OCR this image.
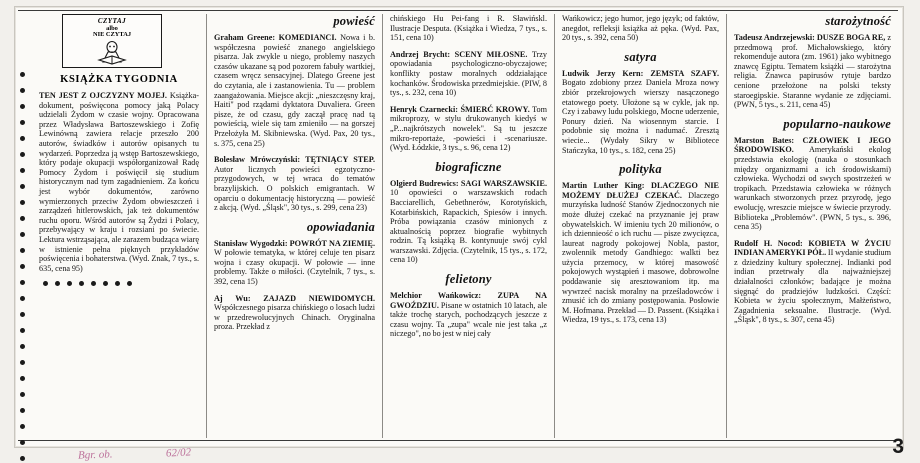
CZYTAJ
albo
NIE CZYTAJ
KSIĄŻKA TYGODNIA
TEN JEST Z OJCZYZNY MOJEJ. Książka-dokument, poświęcona pomocy jaką Polacy udzielali Żydom w czasie wojny. Opracowana przez Władysława Bartoszewskiego i Zofię Lewinówną zawiera relacje przeszło 200 autorów, świadków i autorów opisanych tu wydarzeń. Poprzedza ją wstęp Bartoszewskiego, który podaje okupacji współorganizował Radę Pomocy Żydom i poświęcił się studium historycznym nad tym zagadnieniem. Za końcu jest wybór dokumentów, zarówno wymierzonych przeciw Żydom obwieszczeń i zarządzeń hitlerowskich, jak też dokumentów ruchu oporu. Wśród autorów są Żydzi i Polacy, przebywający w kraju i rozsiani po świecie. Lektura wstrząsająca, ale zarazem budząca wiarę w istnienie pełna pięknych przykładów poświęcenia i bohaterstwa. (Wyd. Znak, 7 tys., s. 635, cena 95)
powieść
Graham Greene: KOMEDIANCI. Nowa i b. współczesna powieść znanego angielskiego pisarza. Jak zwykle u niego, problemy naszych czasów ukazane są pod pozorem fabuły wartkiej, czasem wręcz sensacyjnej. Dlatego Greene jest do czytania, ale i zastanowienia. Tu — problem zaangażowania. Miejsce akcji: „nieszczęsny kraj, Haiti" pod rządami dyktatora Duvaliera. Green pisze, że od czasu, gdy zaczął pracę nad tą powieścią, wiele się tam zmieniło — na gorszej Przełożyła M. Skibniewska. (Wyd. Pax, 20 tys., s. 375, cena 25)
Bolesław Mrówczyński: TĘTNIĄCY STEP. Autor licznych powieści egzotyczno-przygodowych, w tej wraca do tematów brazylijskich. O polskich emigrantach. W oparciu o dokumentację historyczną — powieść z akcją. (Wyd. „Śląsk", 30 tys., s. 299, cena 23)
opowiadania
Stanisław Wygodzki: POWRÓT NA ZIEMIĘ. W połowie tematyka, w której celuje ten pisarz wojna i czasy okupacji. W połowie — inne problemy. Także o miłości. (Czytelnik, 7 tys., s. 392, cena 15)
Aj Wu: ZAJAZD NIEWIDOMYCH. Współczesnego pisarza chińskiego o losach ludzi w przedrewolucyjnych Chinach. Oryginalna proza. Przekład z
chińskiego Hu Pei-fang i R. Sławińskl. Ilustracje Desputa. (Książka i Wiedza, 7 tys., s. 151, cena 10)
Andrzej Brycht: SCENY MIŁOSNE. Trzy opowiadania psychologiczno-obyczajowe; konflikty postaw moralnych oddziałające kochanków. Środowiska przedmiejskie. (PIW, 8 tys., s. 232, cena 10)
Henryk Czarnecki: ŚMIERĆ KROWY. Tom mikroprozy, w stylu drukowanych kiedyś w „P...najkrótszych nowelek". Są tu jeszcze mikro-reportaże, -powieści i -scenariusze. (Wyd. Łódzkie, 3 tys., s. 96, cena 12)
biograficzne
Olgierd Budrewics: SAGI WARSZAWSKIE. 10 opowieści o warszawskich rodach Bacciarellich, Gebethnerów, Korotyńskich, Kotarbińskich, Rapackich, Spiesów i innych. Próba powiązania czasów minionych z aktualnością poprzez biografie wybitnych rodzin. Tą książką B. kontynuuje swój cykl warszawski. Zdjęcia. (Czytelnik, 15 tys., s. 172, cena 10)
felietony
Melchior Wańkowicz: ZUPA NA GWOŹDZIU. Pisane w ostatnich 10 latach, ale także trochę starych, pochodzących jeszcze z czasu wojny. Ta „zupa" wcale nie jest taka „z niczego", no bo jest w niej cały
Wańkowicz; jego humor, jego język; od faktów, anegdot, refleksji książka aż pęka. (Wyd. Pax, 20 tys., s. 392, cena 50)
satyra
Ludwik Jerzy Kern: ZEMSTA SZAFY. Bogato zdobiony przez Daniela Mroza nowy zbiór przekrojowych wierszy nasączonego etatowego poety. Ułożone są w cykle, jak np. Czy i zabawy ludu polskiego, Mocne uderzenie, Ponury dzień. Na wiosennym starcie. I podobnie się można i nadumać. Zresztą wiecie... (Wydały Sikry w Bibliotece Stańczyka, 10 tys., s. 182, cena 25)
polityka
Martin Luther King: DLACZEGO NIE MOŻEMY DŁUŻEJ CZEKAĆ. Dlaczego murzyńska ludność Stanów Zjednoczonych nie może dłużej czekać na przyznanie jej praw obywatelskich. W imieniu tych 20 milionów, o ich dziennieość o ich ruchu — pisze zwycięzca, laureat nagrody pokojowej Nobla, pastor, zwolennik metody Gandhiego: walkti bez użycia przemocy, w której masowość pokojowych wystąpień i masowe, dobrowolne poddawanie się aresztowaniom itp. ma wywrzeć nacisk moralny na prześladowców i zmusić ich do zmiany postępowania. Posłowie M. Hofmana. Przekład — D. Passent. (Książka i Wiedza, 19 tys., s. 173, cena 13)
starożytność
Tadeusz Andrzejewski: DUSZE BOGA RE, z przedmową prof. Michałowskiego, który rekomenduje autora (zm. 1961) jako wybitnego znawcę Egiptu. Tematem książki — starożytna religia. Znawca papirusów rytuje bardzo cenione przełożone na polski teksty staroegipskie. Staranne wydanie ze zdjęciami. (PWN, 5 tys., s. 211, cena 45)
popularno-naukowe
Marston Bates: CZŁOWIEK I JEGO ŚRODOWISKO. Amerykański ekolog przedstawia ekologię (nauka o stosunkach między organizmami a ich środowiskami) człowieka. Wychodzi od swych spostrzeżeń w tropikach. Przedstawia człowieka w różnych warunkach stworzonych przez przyrodę, jego ewolucję, wreszcie miejsce w świecie przyrody. Biblioteka „Problemów". (PWN, 5 tys., s. 396, cena 35)
Rudolf H. Nocod: KOBIETA W ŻYCIU INDIAN AMERYKI PÓŁ. II wydanie studium z dziedziny kultury społecznej. Indianki pod indian przetrwały dla najważniejszej działalności członków; badające je można sięgnąć do pradziejów ludzkości. Częścí: Kobieta w życiu społecznym, Małżeństwo, Zagadnienia seksualne. Ilustracje. (Wyd. „Śląsk", 8 tys., s. 307, cena 45)
Bgr. ob.	62/02	3
